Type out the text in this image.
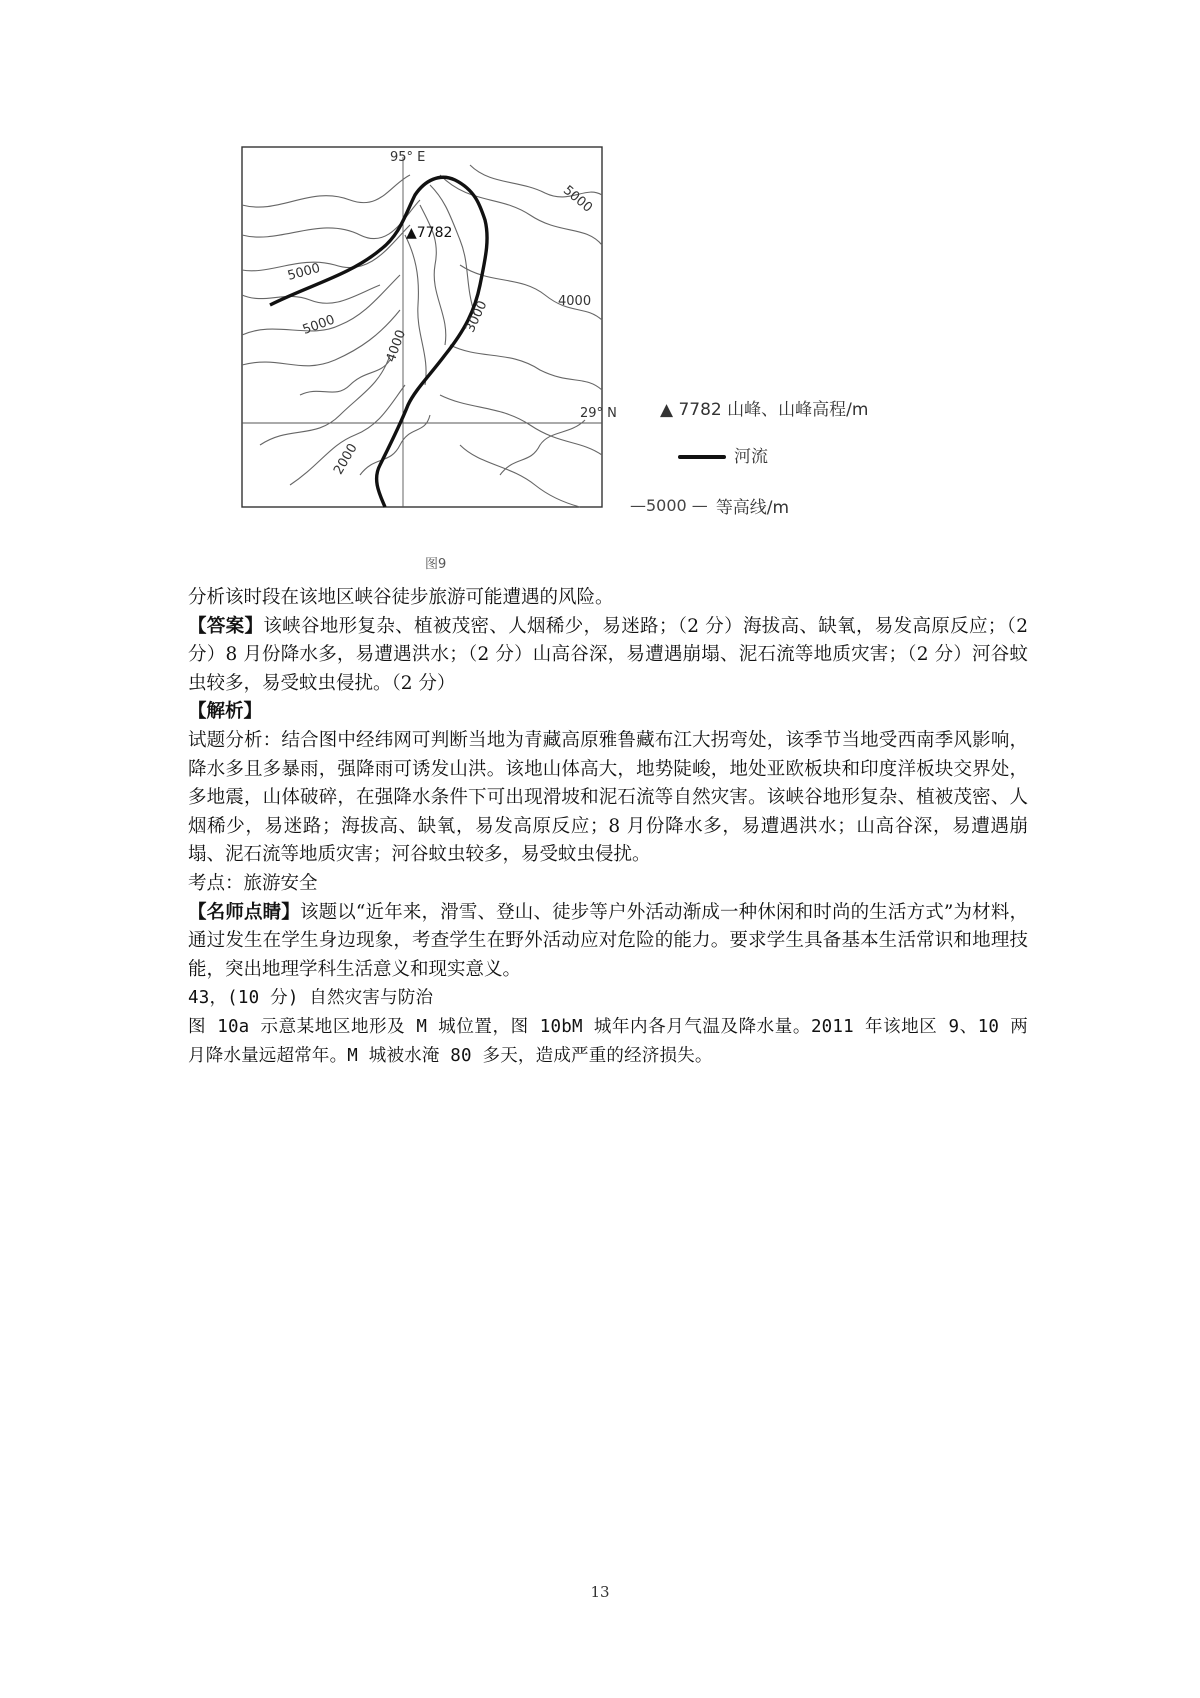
95° E
29° N
▲7782
5000
5000
5000
4000
4000
3000
2000
▲ 7782 山峰、山峰高程/m
河流
—5000 — 等高线/m
图9

分析该时段在该地区峡谷徒步旅游可能遭遇的风险。

【答案】该峡谷地形复杂、植被茂密、人烟稀少，易迷路；（2 分）海拔高、缺氧，易发高原反应；（2 分）8 月份降水多，易遭遇洪水；（2 分）山高谷深，易遭遇崩塌、泥石流等地质灾害；（2 分）河谷蚊虫较多，易受蚊虫侵扰。（2 分）

【解析】

试题分析：结合图中经纬网可判断当地为青藏高原雅鲁藏布江大拐弯处，该季节当地受西南季风影响，降水多且多暴雨，强降雨可诱发山洪。该地山体高大，地势陡峻，地处亚欧板块和印度洋板块交界处，多地震，山体破碎，在强降水条件下可出现滑坡和泥石流等自然灾害。该峡谷地形复杂、植被茂密、人烟稀少，易迷路；海拔高、缺氧，易发高原反应；8 月份降水多，易遭遇洪水；山高谷深，易遭遇崩塌、泥石流等地质灾害；河谷蚊虫较多，易受蚊虫侵扰。

考点：旅游安全

【名师点睛】该题以“近年来，滑雪、登山、徒步等户外活动渐成一种休闲和时尚的生活方式”为材料，通过发生在学生身边现象，考查学生在野外活动应对危险的能力。要求学生具备基本生活常识和地理技能，突出地理学科生活意义和现实意义。

43，(10 分) 自然灾害与防治

图 10a 示意某地区地形及 M 城位置，图 10bM 城年内各月气温及降水量。2011 年该地区 9、10 两月降水量远超常年。M 城被水淹 80 多天，造成严重的经济损失。

13
